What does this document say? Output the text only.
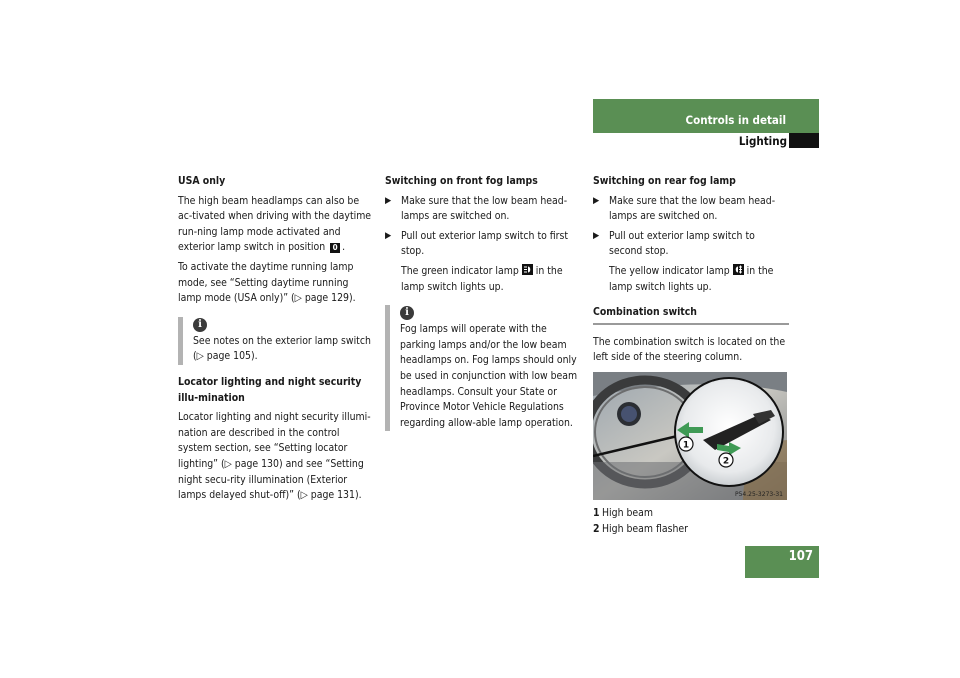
Controls in detail
Lighting

USA only

The high beam headlamps can also be ac-tivated when driving with the daytime run-ning lamp mode activated and exterior lamp switch in position 0 .

To activate the daytime running lamp mode, see “Setting daytime running lamp mode (USA only)” (▷ page 129).

i
See notes on the exterior lamp switch (▷ page 105).

Locator lighting and night security illu-mination

Locator lighting and night security illumi-nation are described in the control system section, see “Setting locator lighting” (▷ page 130) and see “Setting night secu-rity illumination (Exterior lamps delayed shut-off)” (▷ page 131).

Switching on front fog lamps

▶ Make sure that the low beam head-lamps are switched on.
▶ Pull out exterior lamp switch to first stop.

The green indicator lamp in the lamp switch lights up.

i
Fog lamps will operate with the parking lamps and/or the low beam headlamps on. Fog lamps should only be used in conjunction with low beam headlamps. Consult your State or Province Motor Vehicle Regulations regarding allow-able lamp operation.

Switching on rear fog lamp

▶ Make sure that the low beam head-lamps are switched on.
▶ Pull out exterior lamp switch to second stop.

The yellow indicator lamp in the lamp switch lights up.

Combination switch

The combination switch is located on the left side of the steering column.

1
2
P54.25-3273-31

1 High beam

2 High beam flasher

107
